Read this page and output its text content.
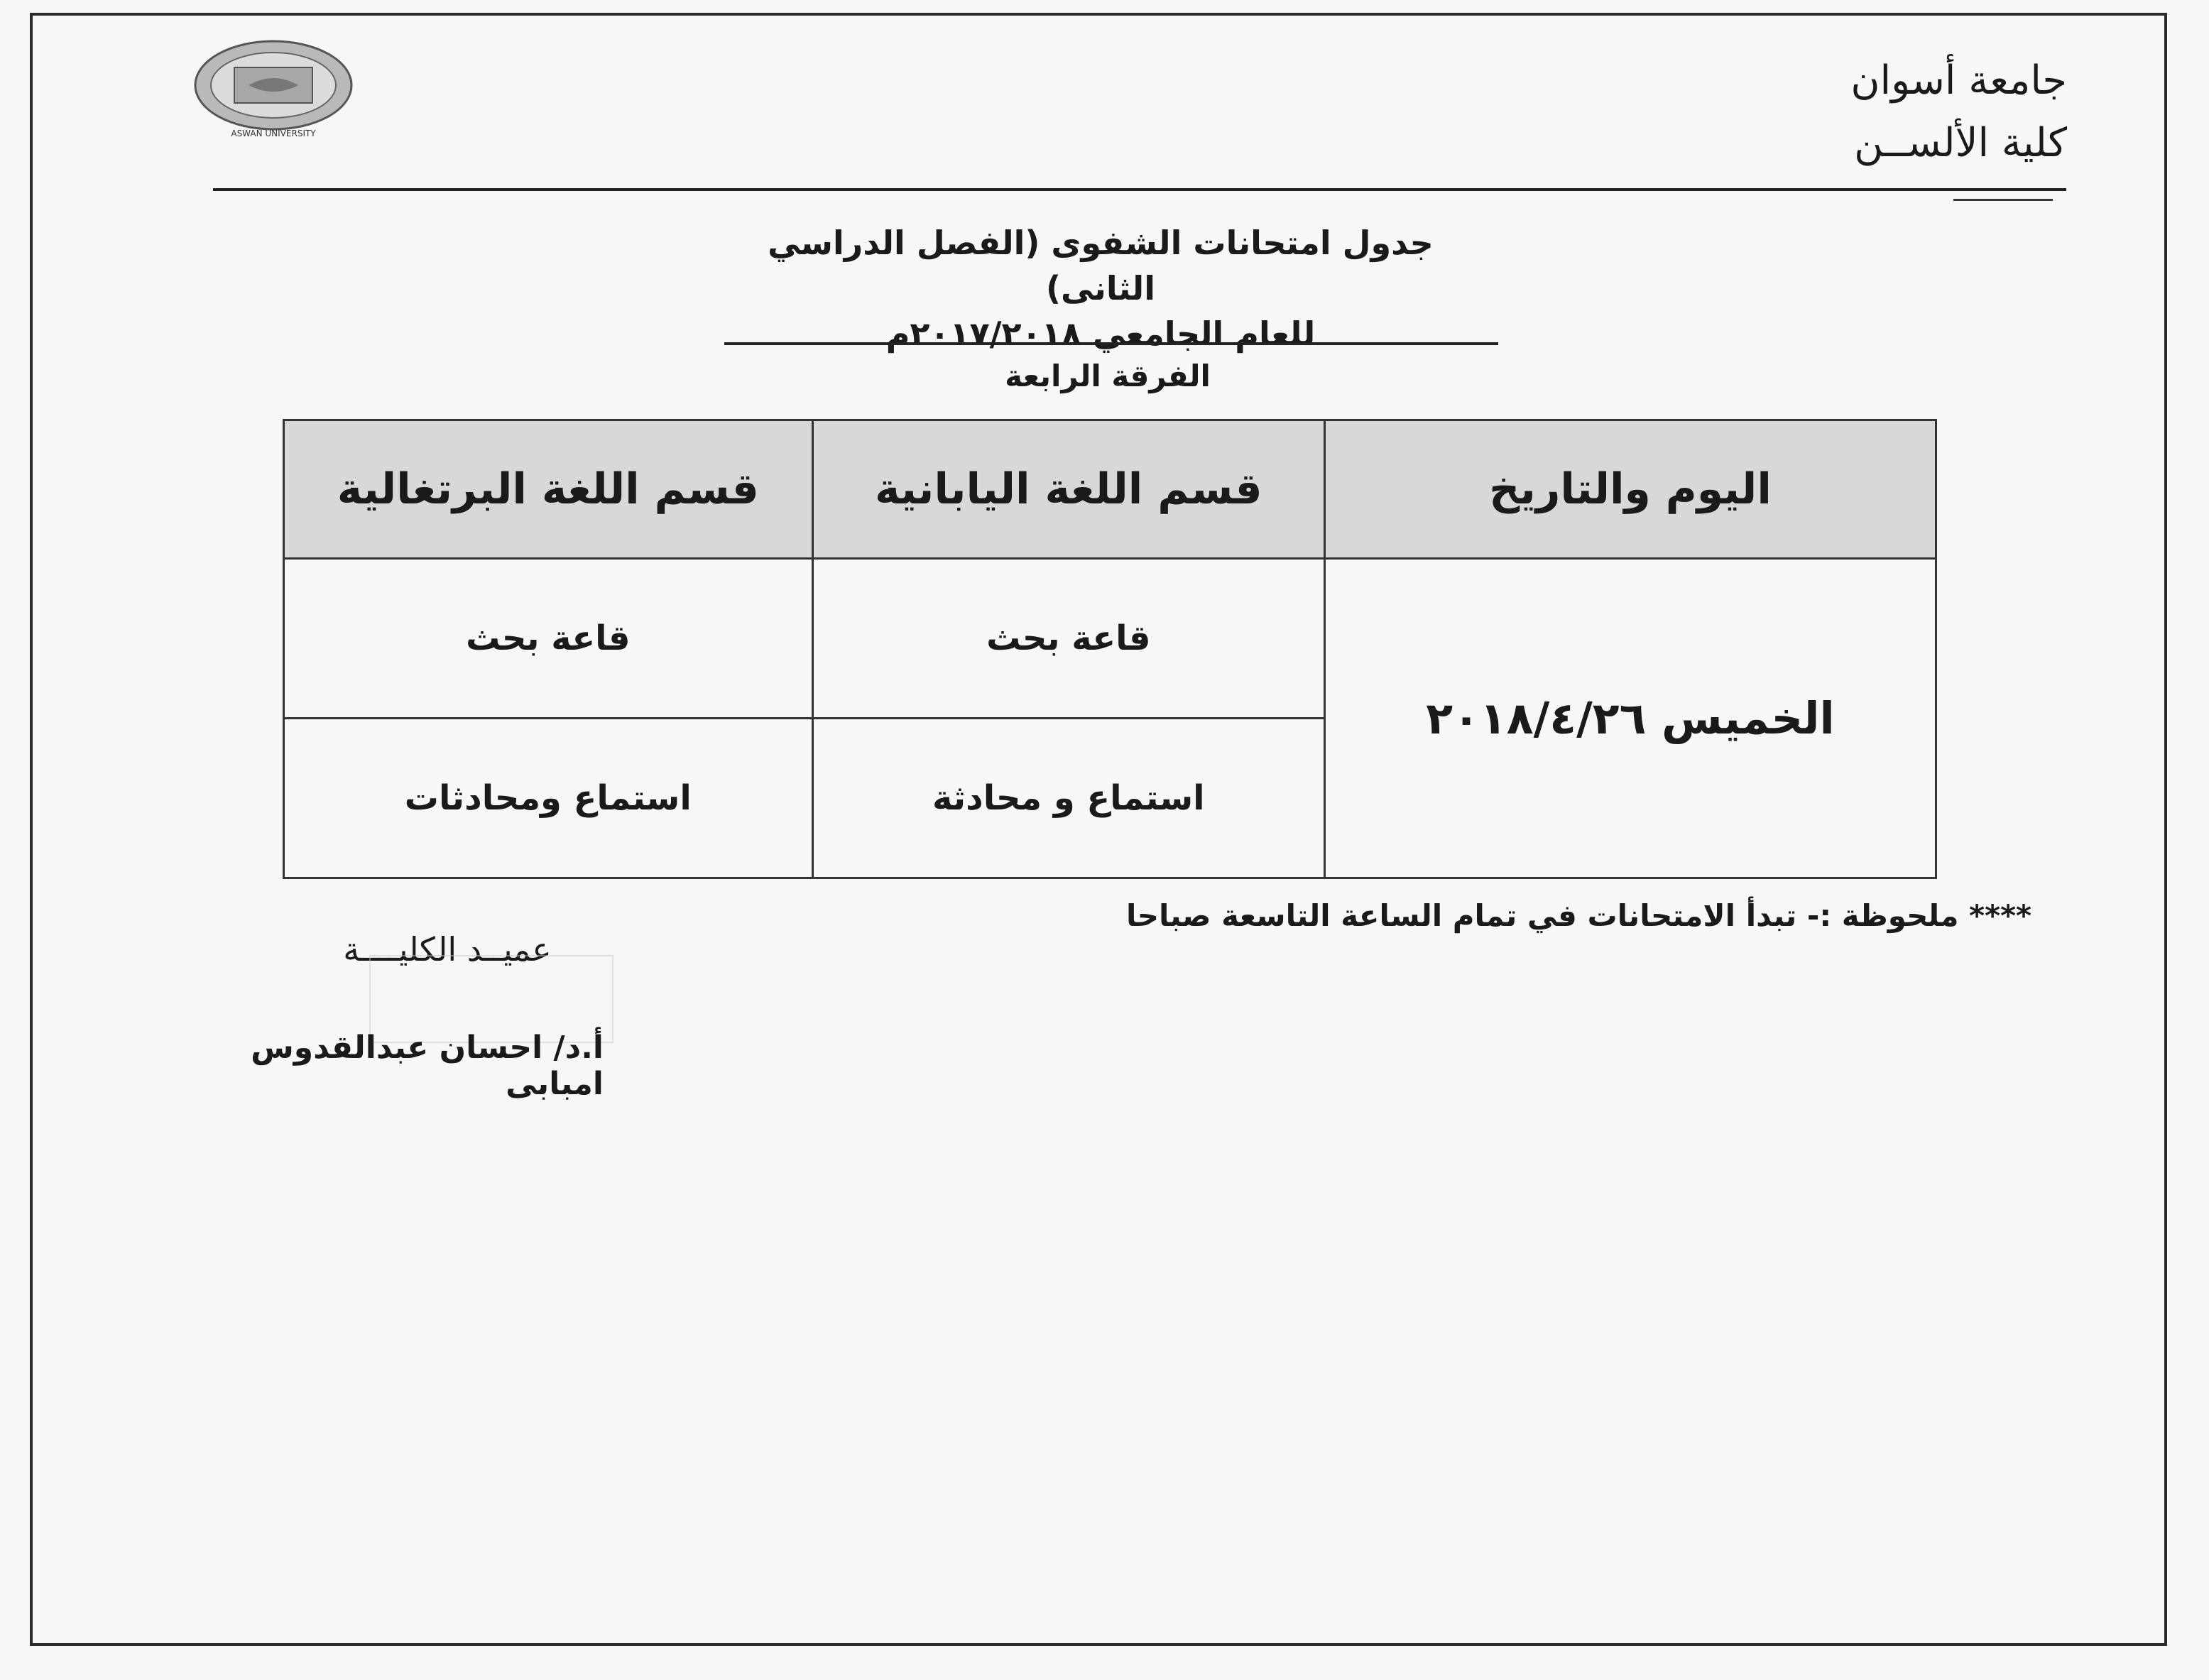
ASWAN UNIVERSITY
جامعة أسوان
كلية الألســن
جدول امتحانات الشفوى (الفصل الدراسي الثانى)
للعام الجامعي ٢٠١٧/٢٠١٨م
الفرقة الرابعة
اليوم والتاريخ	قسم اللغة اليابانية	قسم اللغة البرتغالية
الخميس ٢٠١٨/٤/٢٦	قاعة بحث	قاعة بحث
	استماع و محادثة	استماع ومحادثات
**** ملحوظة :- تبدأ الامتحانات في تمام الساعة التاسعة صباحا
عميــد الكليــــة
أ.د/ احسان عبدالقدوس امبابى
